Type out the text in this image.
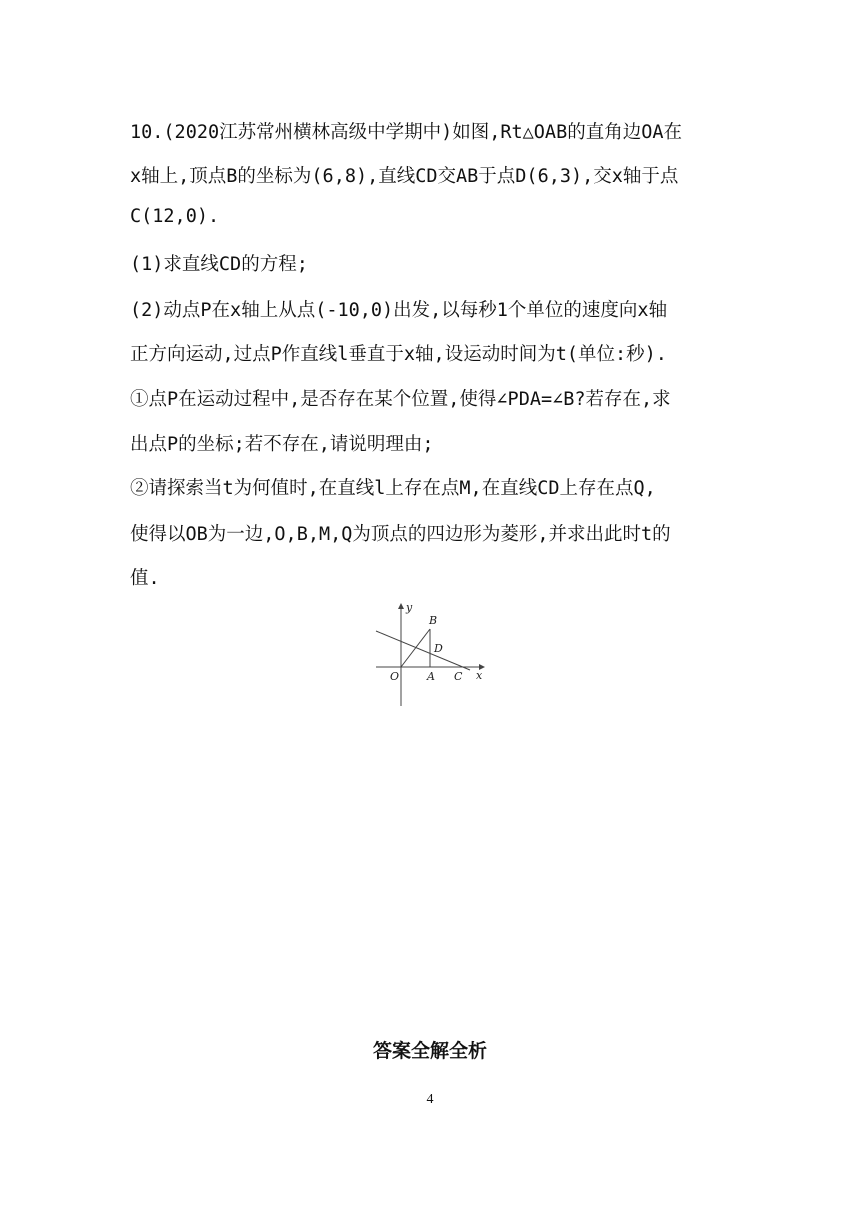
10.(2020江苏常州横林高级中学期中)如图,Rt△OAB的直角边OA在
x轴上,顶点B的坐标为(6,8),直线CD交AB于点D(6,3),交x轴于点
C(12,0).
(1)求直线CD的方程;
(2)动点P在x轴上从点(-10,0)出发,以每秒1个单位的速度向x轴
正方向运动,过点P作直线l垂直于x轴,设运动时间为t(单位:秒).
①点P在运动过程中,是否存在某个位置,使得∠PDA=∠B?若存在,求
出点P的坐标;若不存在,请说明理由;
②请探索当t为何值时,在直线l上存在点M,在直线CD上存在点Q,
使得以OB为一边,O,B,M,Q为顶点的四边形为菱形,并求出此时t的
值.
y
x
O	A
B
C
D
答案全解全析
4
